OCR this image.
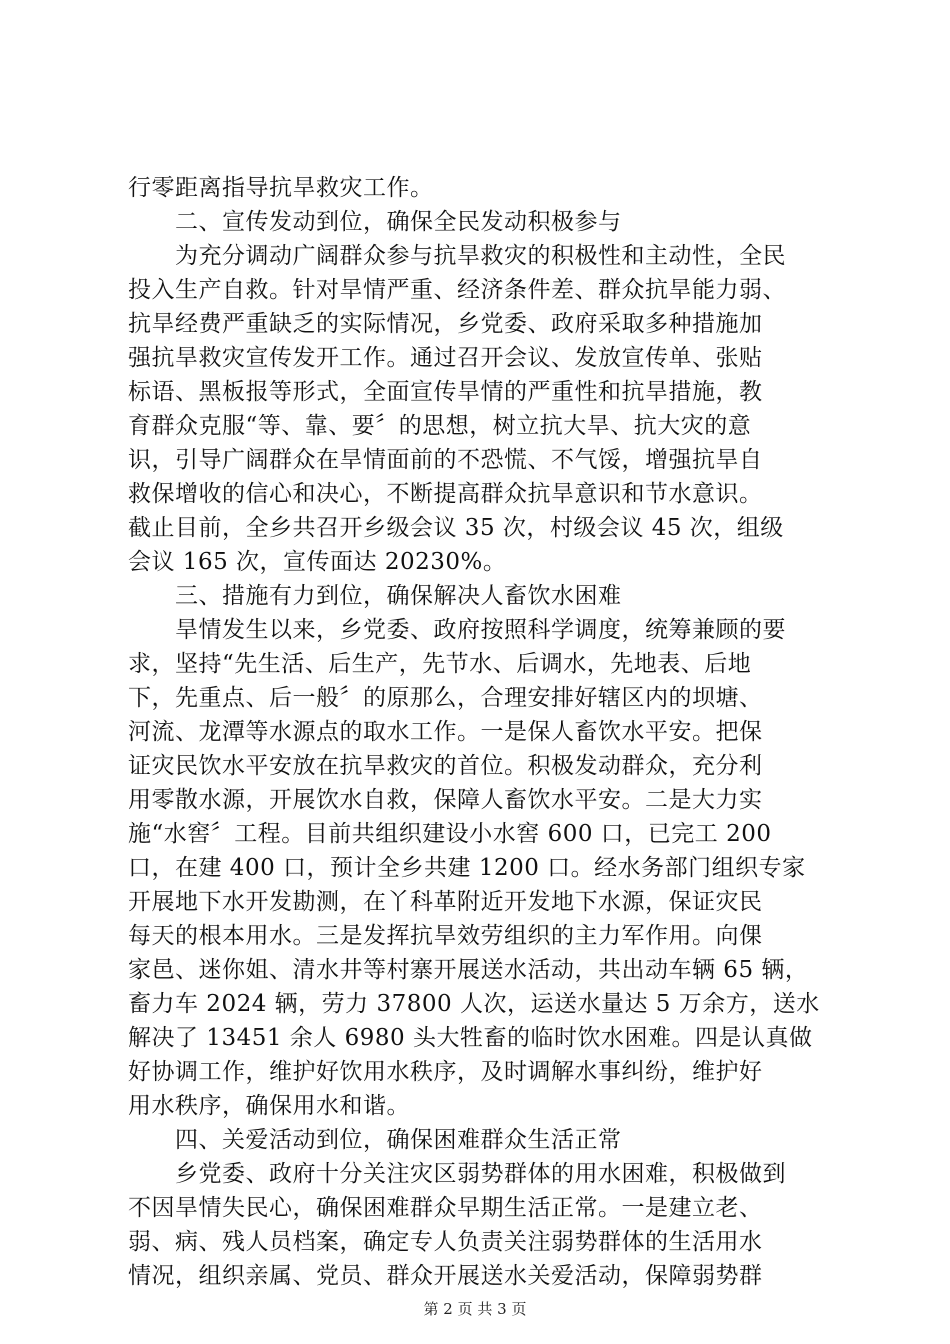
行零距离指导抗旱救灾工作。
　　二、宣传发动到位，确保全民发动积极参与
　　为充分调动广阔群众参与抗旱救灾的积极性和主动性，全民
投入生产自救。针对旱情严重、经济条件差、群众抗旱能力弱、
抗旱经费严重缺乏的实际情况，乡党委、政府采取多种措施加
强抗旱救灾宣传发开工作。通过召开会议、发放宣传单、张贴
标语、黑板报等形式，全面宣传旱情的严重性和抗旱措施，教
育群众克服“等、靠、要〞的思想，树立抗大旱、抗大灾的意
识，引导广阔群众在旱情面前的不恐慌、不气馁，增强抗旱自
救保增收的信心和决心，不断提高群众抗旱意识和节水意识。
截止目前，全乡共召开乡级会议 35 次，村级会议 45 次，组级
会议 165 次，宣传面达 20230%。
　　三、措施有力到位，确保解决人畜饮水困难
　　旱情发生以来，乡党委、政府按照科学调度，统筹兼顾的要
求，坚持“先生活、后生产，先节水、后调水，先地表、后地
下，先重点、后一般〞的原那么，合理安排好辖区内的坝塘、
河流、龙潭等水源点的取水工作。一是保人畜饮水平安。把保
证灾民饮水平安放在抗旱救灾的首位。积极发动群众，充分利
用零散水源，开展饮水自救，保障人畜饮水平安。二是大力实
施“水窖〞工程。目前共组织建设小水窖 600 口，已完工 200
口，在建 400 口，预计全乡共建 1200 口。经水务部门组织专家
开展地下水开发勘测，在丫科革附近开发地下水源，保证灾民
每天的根本用水。三是发挥抗旱效劳组织的主力军作用。向倮
家邑、迷你姐、清水井等村寨开展送水活动，共出动车辆 65 辆，
畜力车 2024 辆，劳力 37800 人次，运送水量达 5 万余方，送水
解决了 13451 余人 6980 头大牲畜的临时饮水困难。四是认真做
好协调工作，维护好饮用水秩序，及时调解水事纠纷，维护好
用水秩序，确保用水和谐。
　　四、关爱活动到位，确保困难群众生活正常
　　乡党委、政府十分关注灾区弱势群体的用水困难，积极做到
不因旱情失民心，确保困难群众早期生活正常。一是建立老、
弱、病、残人员档案，确定专人负责关注弱势群体的生活用水
情况，组织亲属、党员、群众开展送水关爱活动，保障弱势群
第 2 页 共 3 页
